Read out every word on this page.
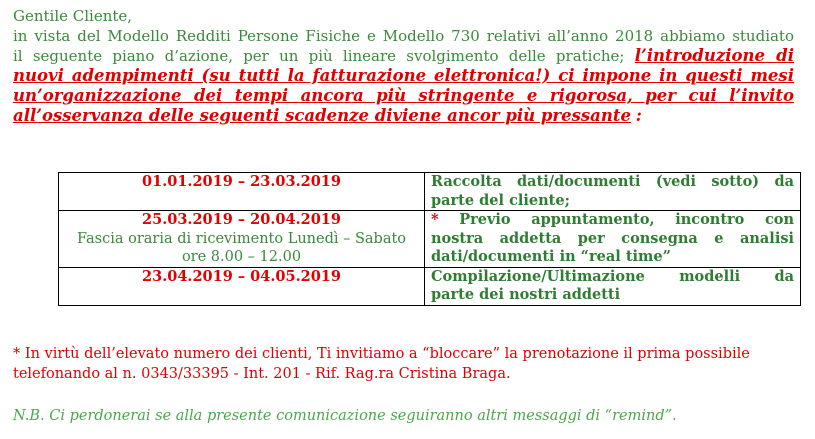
Gentile Cliente,

in vista del Modello Redditi Persone Fisiche e Modello 730 relativi all’anno 2018 abbiamo studiato

il seguente piano d’azione, per un più lineare svolgimento delle pratiche; l’introduzione di

nuovi adempimenti (su tutti la fatturazione elettronica!) ci impone in questi mesi

un’organizzazione dei tempi ancora più stringente e rigorosa, per cui l’invito

all’osservanza delle seguenti scadenze diviene ancor più pressante :

01.01.2019 – 23.03.2019	Raccolta dati/documenti (vedi sotto) da
parte del cliente;

25.03.2019 – 20.04.2019
Fascia oraria di ricevimento Lunedì – Sabato
ore 8.00 – 12.00	* Previo appuntamento, incontro con
nostra addetta per consegna e analisi
dati/documenti in “real time”

23.04.2019 – 04.05.2019	Compilazione/Ultimazione modelli da
parte dei nostri addetti

* In virtù dell’elevato numero dei clienti, Ti invitiamo a “bloccare” la prenotazione il prima possibile

telefonando al n. 0343/33395 - Int. 201 - Rif. Rag.ra Cristina Braga.

N.B. Ci perdonerai se alla presente comunicazione seguiranno altri messaggi di “remind”.
